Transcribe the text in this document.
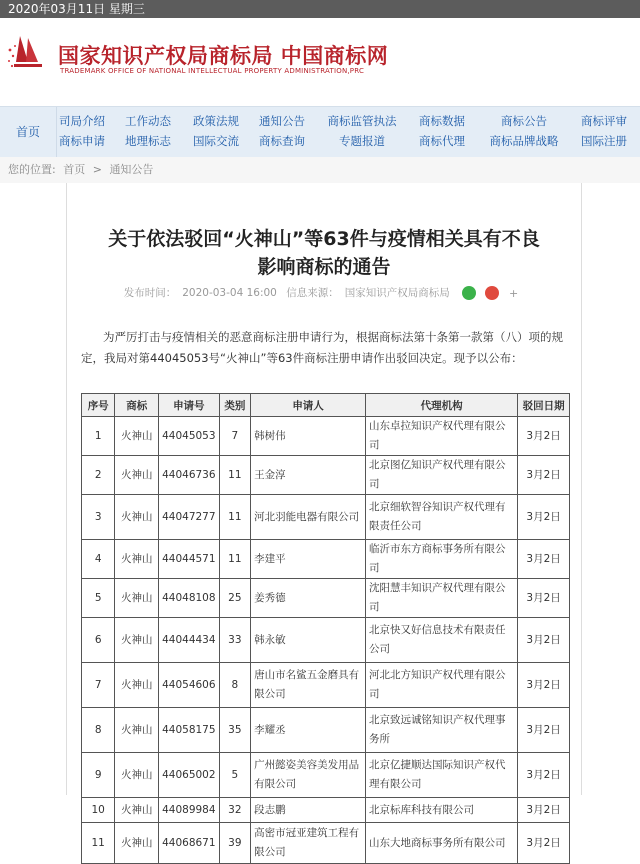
2020年03月11日 星期三
国家知识产权局商标局 中国商标网
TRADEMARK OFFICE OF NATIONAL INTELLECTUAL PROPERTY ADMINISTRATION,PRC
首页
司局介绍 工作动态 政策法规 通知公告 商标监管执法 商标数据	商标公告	商标评审
商标申请 地理标志 国际交流 商标查询	专题报道	商标代理 商标品牌战略 国际注册
您的位置: 首页 > 通知公告
关于依法驳回“火神山”等63件与疫情相关具有不良
影响商标的通告
发布时间： 2020-03-04 16:00 信息来源： 国家知识产权局商标局	+
为严厉打击与疫情相关的恶意商标注册申请行为，根据商标法第十条第一款第（八）项的规定，我局对第44045053号“火神山”等63件商标注册申请作出驳回决定。现予以公布：
序号	商标	申请号	类别	申请人	代理机构	驳回日期
1	火神山	44045053	7	韩树伟	山东卓拉知识产权代理有限公司	3月2日
2	火神山	44046736	11	王金淳	北京图亿知识产权代理有限公司	3月2日
3	火神山	44047277	11	河北羽能电器有限公司	北京细软智谷知识产权代理有限责任公司	3月2日
4	火神山	44044571	11	李建平	临沂市东方商标事务所有限公司	3月2日
5	火神山	44048108	25	姜秀德	沈阳慧丰知识产权代理有限公司	3月2日
6	火神山	44044434	33	韩永敏	北京快又好信息技术有限责任公司	3月2日
7	火神山	44054606	8	唐山市名鲨五金磨具有限公司	河北北方知识产权代理有限公司	3月2日
8	火神山	44058175	35	李耀丞	北京致远诚铭知识产权代理事务所	3月2日
9	火神山	44065002	5	广州懿姿美容美发用品有限公司	北京亿捷顺达国际知识产权代理有限公司	3月2日
10	火神山	44089984	32	段志鹏	北京标库科技有限公司	3月2日
11	火神山	44068671	39	高密市冠亚建筑工程有限公司	山东大地商标事务所有限公司	3月2日
